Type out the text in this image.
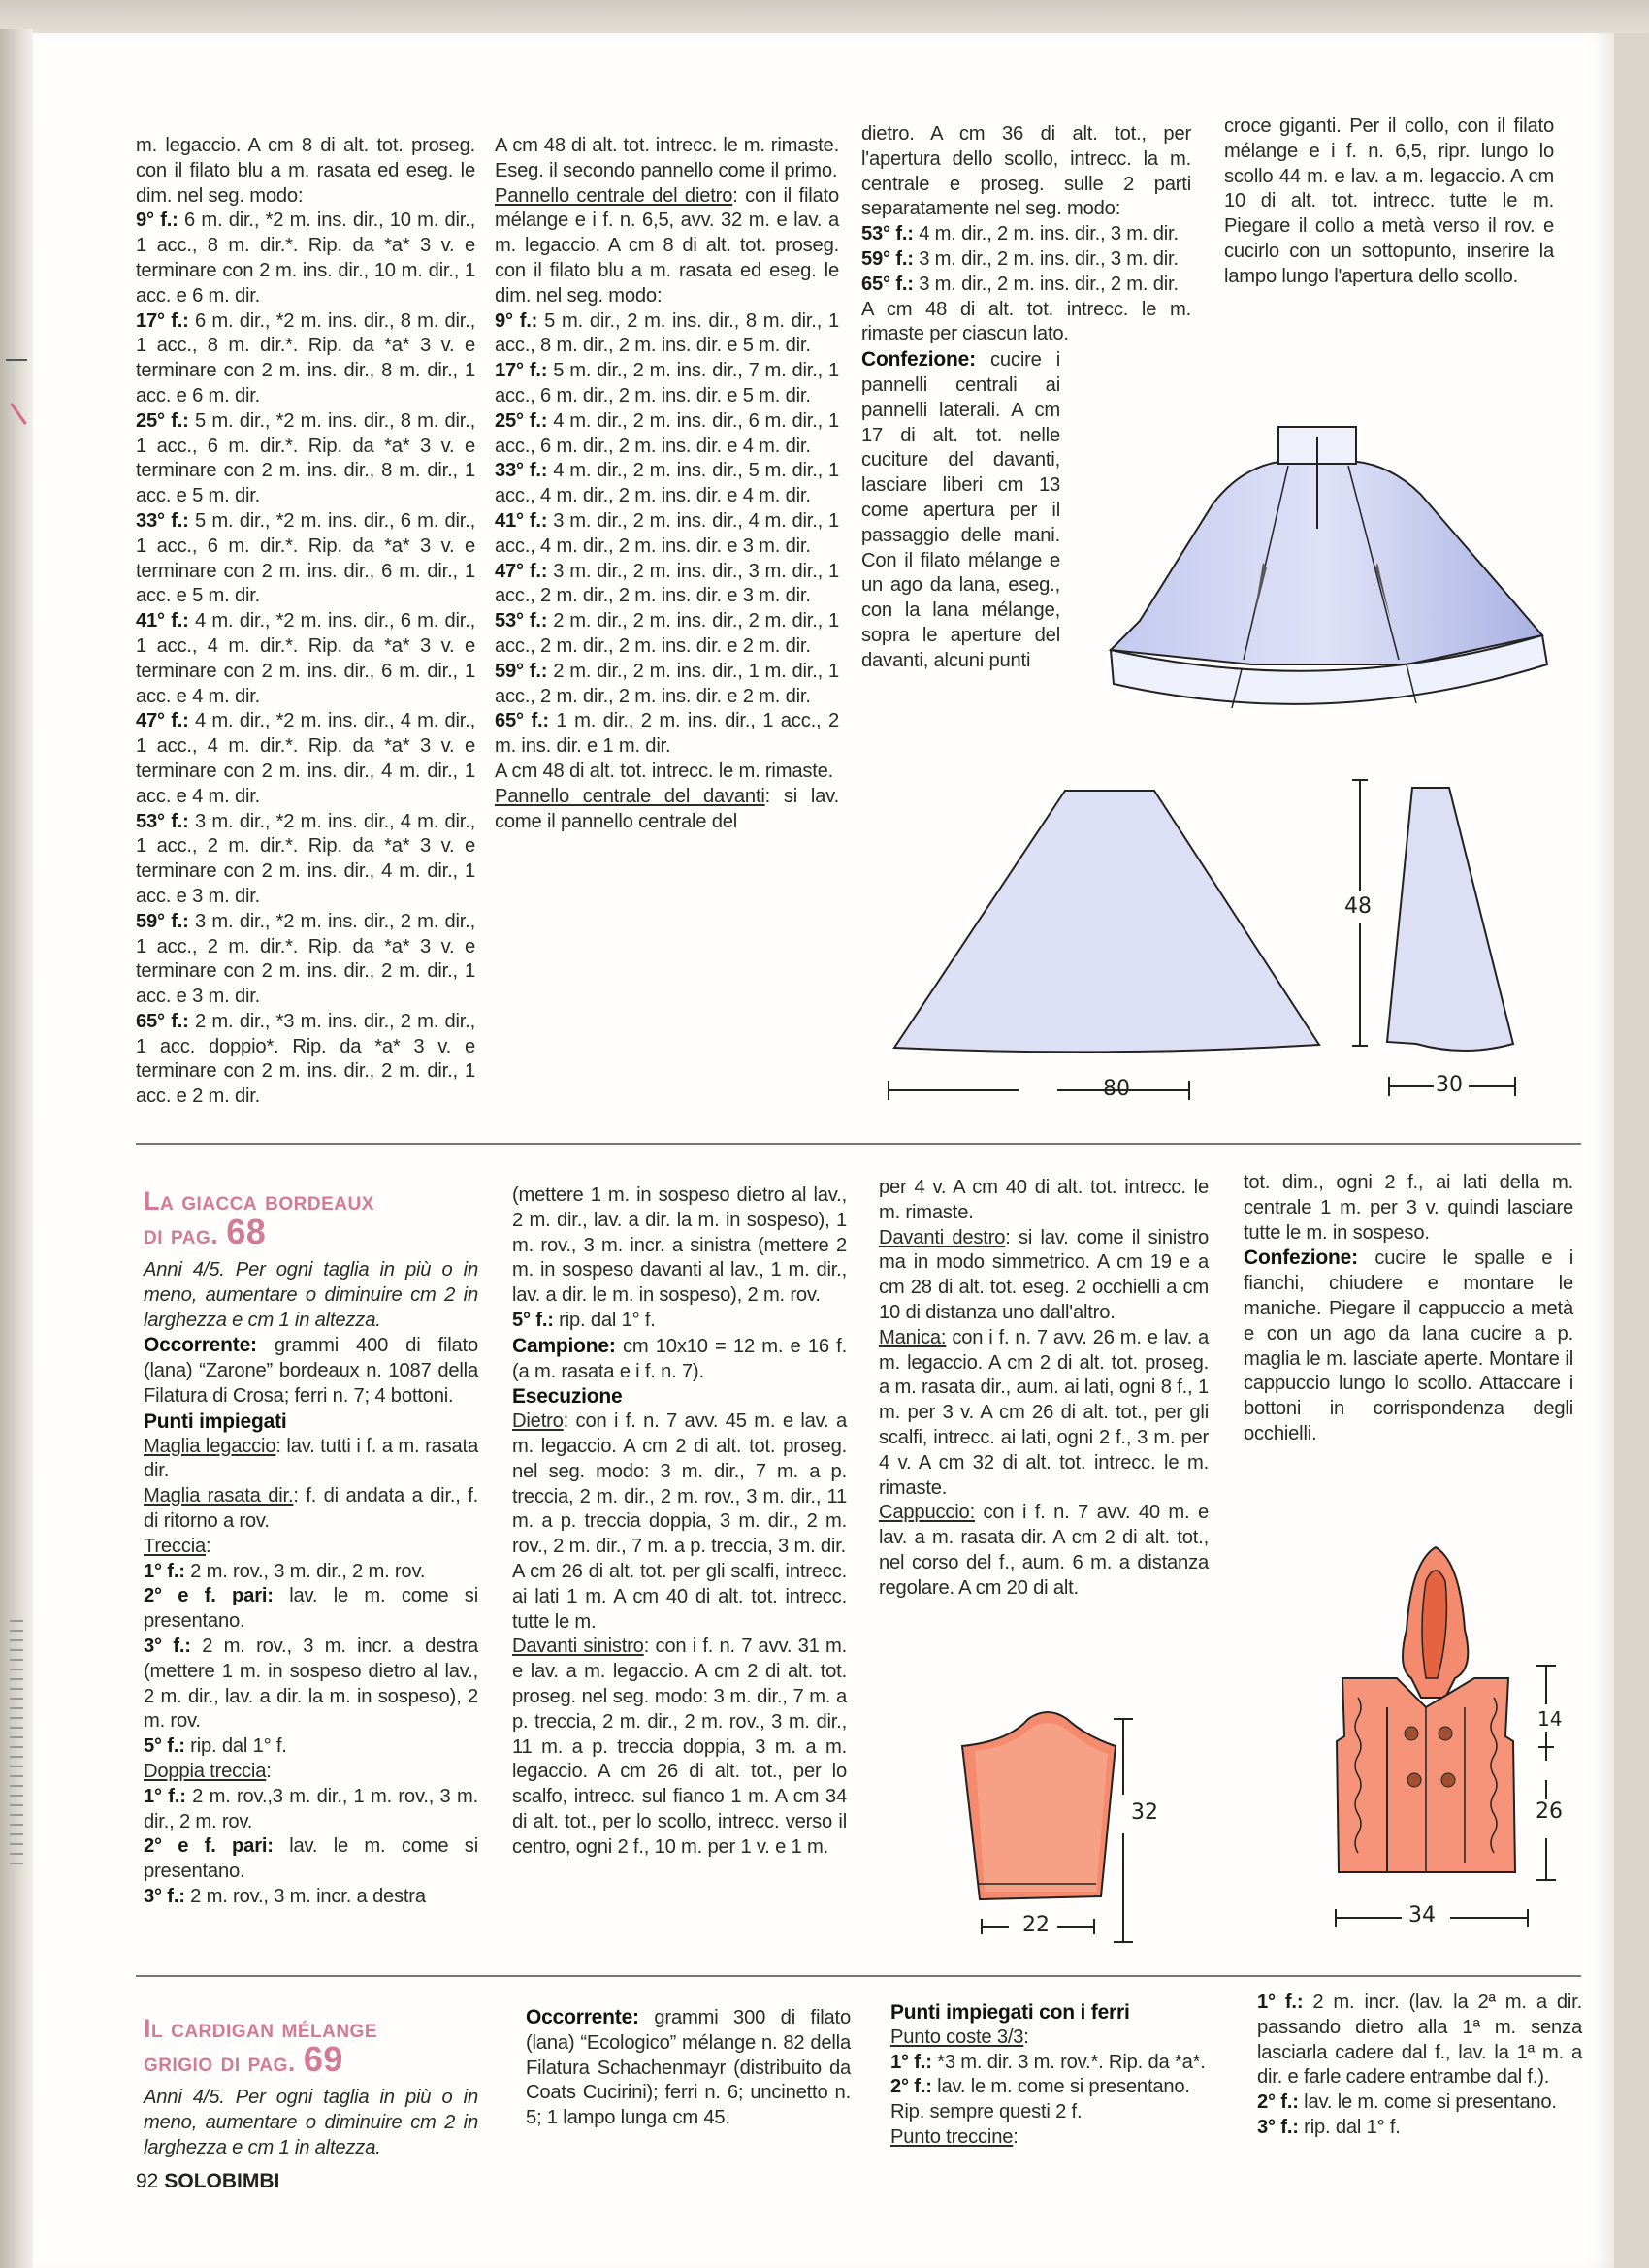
m. legaccio. A cm 8 di alt. tot. proseg. con il filato blu a m. rasata ed eseg. le dim. nel seg. modo:

9° f.: 6 m. dir., *2 m. ins. dir., 10 m. dir., 1 acc., 8 m. dir.*. Rip. da *a* 3 v. e terminare con 2 m. ins. dir., 10 m. dir., 1 acc. e 6 m. dir.

17° f.: 6 m. dir., *2 m. ins. dir., 8 m. dir., 1 acc., 8 m. dir.*. Rip. da *a* 3 v. e terminare con 2 m. ins. dir., 8 m. dir., 1 acc. e 6 m. dir.

25° f.: 5 m. dir., *2 m. ins. dir., 8 m. dir., 1 acc., 6 m. dir.*. Rip. da *a* 3 v. e terminare con 2 m. ins. dir., 8 m. dir., 1 acc. e 5 m. dir.

33° f.: 5 m. dir., *2 m. ins. dir., 6 m. dir., 1 acc., 6 m. dir.*. Rip. da *a* 3 v. e terminare con 2 m. ins. dir., 6 m. dir., 1 acc. e 5 m. dir.

41° f.: 4 m. dir., *2 m. ins. dir., 6 m. dir., 1 acc., 4 m. dir.*. Rip. da *a* 3 v. e terminare con 2 m. ins. dir., 6 m. dir., 1 acc. e 4 m. dir.

47° f.: 4 m. dir., *2 m. ins. dir., 4 m. dir., 1 acc., 4 m. dir.*. Rip. da *a* 3 v. e terminare con 2 m. ins. dir., 4 m. dir., 1 acc. e 4 m. dir.

53° f.: 3 m. dir., *2 m. ins. dir., 4 m. dir., 1 acc., 2 m. dir.*. Rip. da *a* 3 v. e terminare con 2 m. ins. dir., 4 m. dir., 1 acc. e 3 m. dir.

59° f.: 3 m. dir., *2 m. ins. dir., 2 m. dir., 1 acc., 2 m. dir.*. Rip. da *a* 3 v. e terminare con 2 m. ins. dir., 2 m. dir., 1 acc. e 3 m. dir.

65° f.: 2 m. dir., *3 m. ins. dir., 2 m. dir., 1 acc. doppio*. Rip. da *a* 3 v. e terminare con 2 m. ins. dir., 2 m. dir., 1 acc. e 2 m. dir.

A cm 48 di alt. tot. intrecc. le m. rimaste. Eseg. il secondo pannello come il primo.

Pannello centrale del dietro: con il filato mélange e i f. n. 6,5, avv. 32 m. e lav. a m. legaccio. A cm 8 di alt. tot. proseg. con il filato blu a m. rasata ed eseg. le dim. nel seg. modo:

9° f.: 5 m. dir., 2 m. ins. dir., 8 m. dir., 1 acc., 8 m. dir., 2 m. ins. dir. e 5 m. dir.

17° f.: 5 m. dir., 2 m. ins. dir., 7 m. dir., 1 acc., 6 m. dir., 2 m. ins. dir. e 5 m. dir.

25° f.: 4 m. dir., 2 m. ins. dir., 6 m. dir., 1 acc., 6 m. dir., 2 m. ins. dir. e 4 m. dir.

33° f.: 4 m. dir., 2 m. ins. dir., 5 m. dir., 1 acc., 4 m. dir., 2 m. ins. dir. e 4 m. dir.

41° f.: 3 m. dir., 2 m. ins. dir., 4 m. dir., 1 acc., 4 m. dir., 2 m. ins. dir. e 3 m. dir.

47° f.: 3 m. dir., 2 m. ins. dir., 3 m. dir., 1 acc., 2 m. dir., 2 m. ins. dir. e 3 m. dir.

53° f.: 2 m. dir., 2 m. ins. dir., 2 m. dir., 1 acc., 2 m. dir., 2 m. ins. dir. e 2 m. dir.

59° f.: 2 m. dir., 2 m. ins. dir., 1 m. dir., 1 acc., 2 m. dir., 2 m. ins. dir. e 2 m. dir.

65° f.: 1 m. dir., 2 m. ins. dir., 1 acc., 2 m. ins. dir. e 1 m. dir.

A cm 48 di alt. tot. intrecc. le m. rimaste.

Pannello centrale del davanti: si lav. come il pannello centrale del

dietro. A cm 36 di alt. tot., per l'apertura dello scollo, intrecc. la m. centrale e proseg. sulle 2 parti separatamente nel seg. modo:

53° f.: 4 m. dir., 2 m. ins. dir., 3 m. dir.

59° f.: 3 m. dir., 2 m. ins. dir., 3 m. dir.

65° f.: 3 m. dir., 2 m. ins. dir., 2 m. dir.

A cm 48 di alt. tot. intrecc. le m. rimaste per ciascun lato.

Confezione: cucire i pannelli centrali ai pannelli laterali. A cm 17 di alt. tot. nelle cuciture del davanti, lasciare liberi cm 13 come apertura per il passaggio delle mani. Con il filato mélange e un ago da lana, eseg., con la lana mélange, sopra le aperture del davanti, alcuni punti

croce giganti. Per il collo, con il filato mélange e i f. n. 6,5, ripr. lungo lo scollo 44 m. e lav. a m. legaccio. A cm 10 di alt. tot. intrecc. tutte le m. Piegare il collo a metà verso il rov. e cucirlo con un sottopunto, inserire la lampo lungo l'apertura dello scollo.

80
48
30
La giacca bordeaux
di pag. 68

Anni 4/5. Per ogni taglia in più o in meno, aumentare o diminuire cm 2 in larghezza e cm 1 in altezza.

Occorrente: grammi 400 di filato (lana) “Zarone” bordeaux n. 1087 della Filatura di Crosa; ferri n. 7; 4 bottoni.

Punti impiegati

Maglia legaccio: lav. tutti i f. a m. rasata dir.

Maglia rasata dir.: f. di andata a dir., f. di ritorno a rov.

Treccia:

1° f.: 2 m. rov., 3 m. dir., 2 m. rov.

2° e f. pari: lav. le m. come si presentano.

3° f.: 2 m. rov., 3 m. incr. a destra (mettere 1 m. in sospeso dietro al lav., 2 m. dir., lav. a dir. la m. in sospeso), 2 m. rov.

5° f.: rip. dal 1° f.

Doppia treccia:

1° f.: 2 m. rov.,3 m. dir., 1 m. rov., 3 m. dir., 2 m. rov.

2° e f. pari: lav. le m. come si presentano.

3° f.: 2 m. rov., 3 m. incr. a destra

(mettere 1 m. in sospeso dietro al lav., 2 m. dir., lav. a dir. la m. in sospeso), 1 m. rov., 3 m. incr. a sinistra (mettere 2 m. in sospeso davanti al lav., 1 m. dir., lav. a dir. le m. in sospeso), 2 m. rov.

5° f.: rip. dal 1° f.

Campione: cm 10x10 = 12 m. e 16 f. (a m. rasata e i f. n. 7).

Esecuzione

Dietro: con i f. n. 7 avv. 45 m. e lav. a m. legaccio. A cm 2 di alt. tot. proseg. nel seg. modo: 3 m. dir., 7 m. a p. treccia, 2 m. dir., 2 m. rov., 3 m. dir., 11 m. a p. treccia doppia, 3 m. dir., 2 m. rov., 2 m. dir., 7 m. a p. treccia, 3 m. dir.

A cm 26 di alt. tot. per gli scalfi, intrecc. ai lati 1 m. A cm 40 di alt. tot. intrecc. tutte le m.

Davanti sinistro: con i f. n. 7 avv. 31 m. e lav. a m. legaccio. A cm 2 di alt. tot. proseg. nel seg. modo: 3 m. dir., 7 m. a p. treccia, 2 m. dir., 2 m. rov., 3 m. dir., 11 m. a p. treccia doppia, 3 m. a m. legaccio. A cm 26 di alt. tot., per lo scalfo, intrecc. sul fianco 1 m. A cm 34 di alt. tot., per lo scollo, intrecc. verso il centro, ogni 2 f., 10 m. per 1 v. e 1 m.

per 4 v. A cm 40 di alt. tot. intrecc. le m. rimaste.

Davanti destro: si lav. come il sinistro ma in modo simmetrico. A cm 19 e a cm 28 di alt. tot. eseg. 2 occhielli a cm 10 di distanza uno dall'altro.

Manica: con i f. n. 7 avv. 26 m. e lav. a m. legaccio. A cm 2 di alt. tot. proseg. a m. rasata dir., aum. ai lati, ogni 8 f., 1 m. per 3 v. A cm 26 di alt. tot., per gli scalfi, intrecc. ai lati, ogni 2 f., 3 m. per 4 v. A cm 32 di alt. tot. intrecc. le m. rimaste.

Cappuccio: con i f. n. 7 avv. 40 m. e lav. a m. rasata dir. A cm 2 di alt. tot., nel corso del f., aum. 6 m. a distanza regolare. A cm 20 di alt.

tot. dim., ogni 2 f., ai lati della m. centrale 1 m. per 3 v. quindi lasciare tutte le m. in sospeso.

Confezione: cucire le spalle e i fianchi, chiudere e montare le maniche. Piegare il cappuccio a metà e con un ago da lana cucire a p. maglia le m. lasciate aperte. Montare il cappuccio lungo lo scollo. Attaccare i bottoni in corrispondenza degli occhielli.

32
22
14
26
34
Il cardigan mélange
grigio di pag. 69

Anni 4/5. Per ogni taglia in più o in meno, aumentare o diminuire cm 2 in larghezza e cm 1 in altezza.

Occorrente: grammi 300 di filato (lana) “Ecologico” mélange n. 82 della Filatura Schachenmayr (distribuito da Coats Cucirini); ferri n. 6; uncinetto n. 5; 1 lampo lunga cm 45.

Punti impiegati con i ferri

Punto coste 3/3:

1° f.: *3 m. dir. 3 m. rov.*. Rip. da *a*.

2° f.: lav. le m. come si presentano.

Rip. sempre questi 2 f.

Punto treccine:

1° f.: 2 m. incr. (lav. la 2ª m. a dir. passando dietro alla 1ª m. senza lasciarla cadere dal f., lav. la 1ª m. a dir. e farle cadere entrambe dal f.).

2° f.: lav. le m. come si presentano.

3° f.: rip. dal 1° f.

92 SOLOBIMBI
